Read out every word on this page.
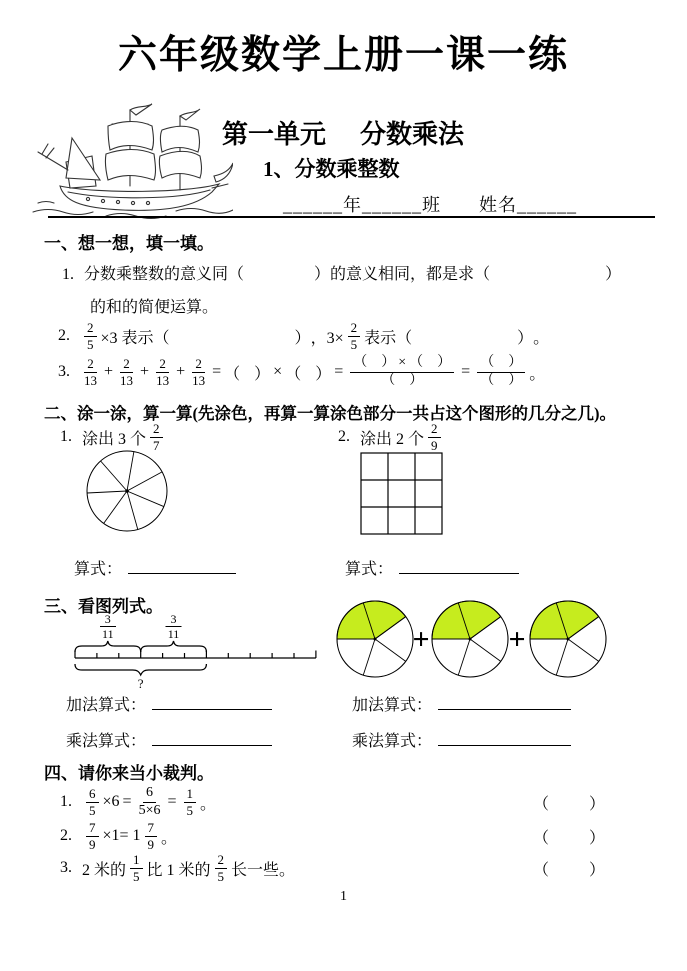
六年级数学上册一课一练
第一单元 分数乘法
1、分数乘整数
______年______班 姓名______
一、想一想，填一填。
1. 分数乘整数的意义同 （	） 的意义相同，都是求 （	）
的和的简便运算。
2. $\frac{2}{5} \times 3$ 表示 （	） ，$3\times \frac{2}{5}$ 表示 （	） 。
3. $\frac{2}{13} + \frac{2}{13} + \frac{2}{13} + \frac{2}{13}$ = （ ） × （ ） = $\frac{( ) \times ( )}{( )} = \frac{( )}{( )}$ 。
二、涂一涂，算一算(先涂色，再算一算涂色部分一共占这个图形的几分之几)。
1. 涂出 3 个 $\frac{2}{7}$	2. 涂出 2 个 $\frac{2}{9}$
算式：	算式：
三、看图列式。
3
11
3
11
?
+	+
加法算式：
乘法算式：
加法算式：
乘法算式：
四、请你来当小裁判。
1. $\frac{6}{5} \times 6 = \frac{6}{5\times 6} = \frac{1}{5}$ 。	（	）
2. $\frac{7}{9} \times 1= 1 \frac{7}{9}$ 。	（	）
3. 2 米的 $\frac{1}{5}$ 比 1 米的 $\frac{2}{5}$ 长一些。	（	）
1
